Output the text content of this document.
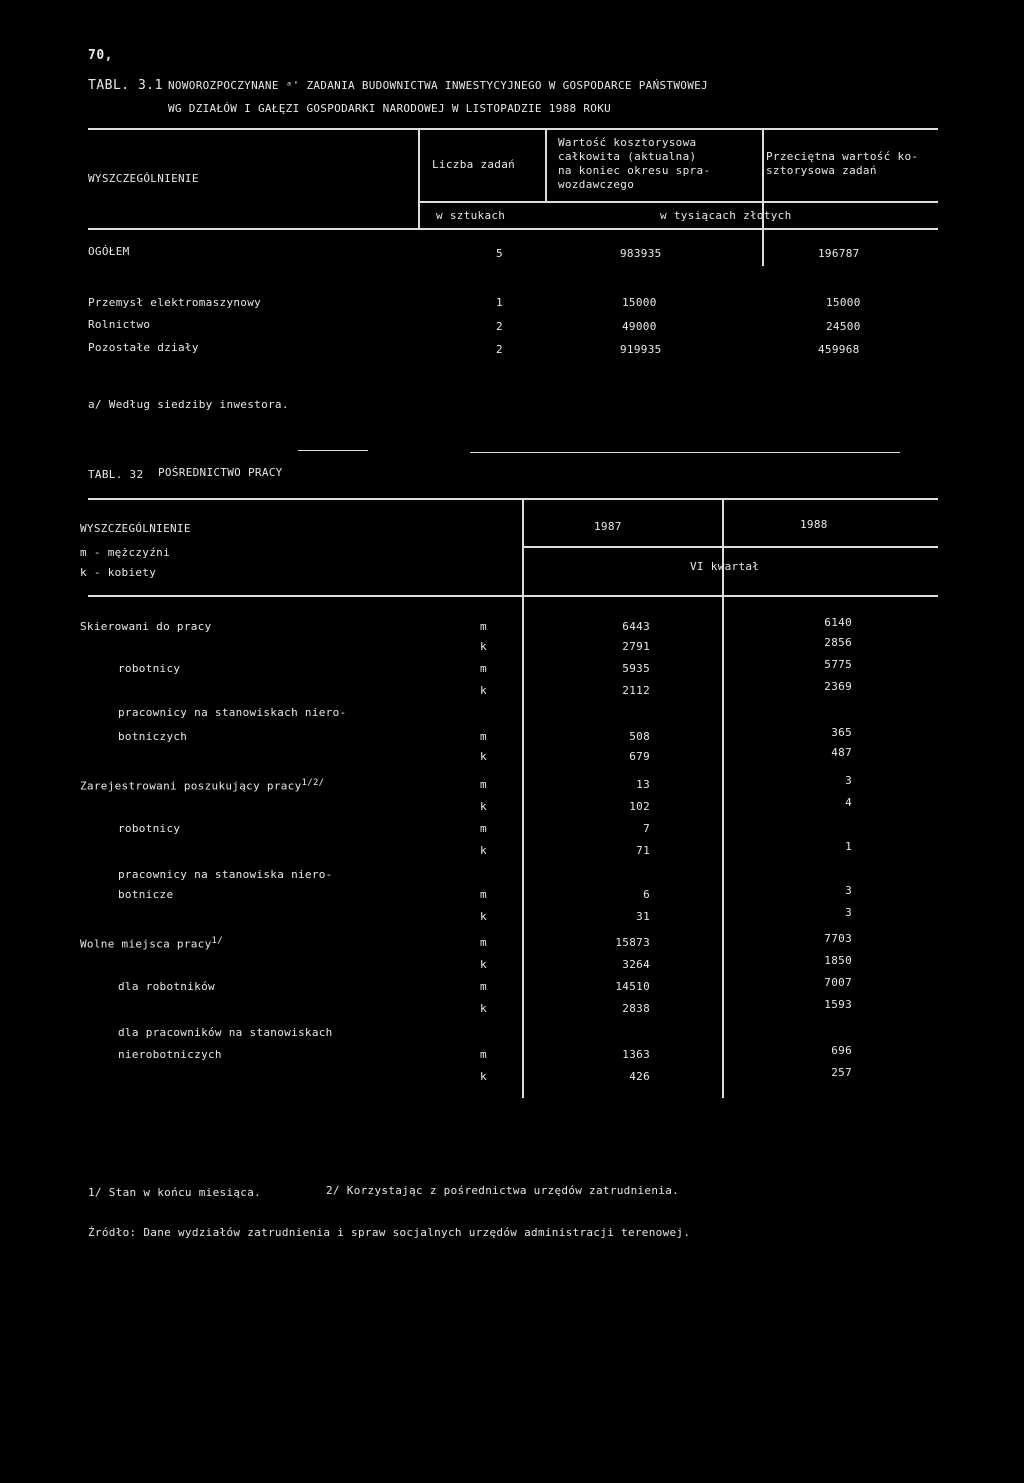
70,
TABL. 3.1 NOWOROZPOCZYNANE ᵃ' ZADANIA BUDOWNICTWA INWESTYCYJNEGO W GOSPODARCE PAŃSTWOWEJ
WG DZIAŁÓW I GAŁĘZI GOSPODARKI NARODOWEJ W LISTOPADZIE 1988 ROKU
WYSZCZEGÓLNIENIE
Liczba zadań
Wartość kosztorysowa
całkowita (aktualna)
na koniec okresu spra-
wozdawczego
Przeciętna wartość ko-
sztorysowa zadań
w sztukach	w tysiącach złotych
OGÓŁEM	5	983935	196787
Przemysł elektromaszynowy	1	15000	15000
Rolnictwo	2	49000	24500
Pozostałe działy	2	919935	459968
a/ Według siedziby inwestora.
TABL. 32 POŚREDNICTWO PRACY
WYSZCZEGÓLNIENIE
m - mężczyźni
k - kobiety
1987	1988
VI kwartał
Skierowani do pracy	m	6443	6140
k	2791	2856
robotnicy	m	5935	5775
k	2112	2369
pracownicy na stanowiskach niero-
botniczych	m	508	365
k	679	487
Zarejestrowani poszukujący pracy$^{1/2/}$	m	13	3
k	102	4
robotnicy	m	7
k	71	1
pracownicy na stanowiska niero-
botnicze	m	6	3
k	31	3
Wolne miejsca pracy$^{1/}$	m	15873	7703
k	3264	1850
dla robotników	m	14510	7007
k	2838	1593
dla pracowników na stanowiskach
nierobotniczych	m	1363	696
k	426	257
1/ Stan w końcu miesiąca.	2/ Korzystając z pośrednictwa urzędów zatrudnienia.
Źródło: Dane wydziałów zatrudnienia i spraw socjalnych urzędów administracji terenowej.
